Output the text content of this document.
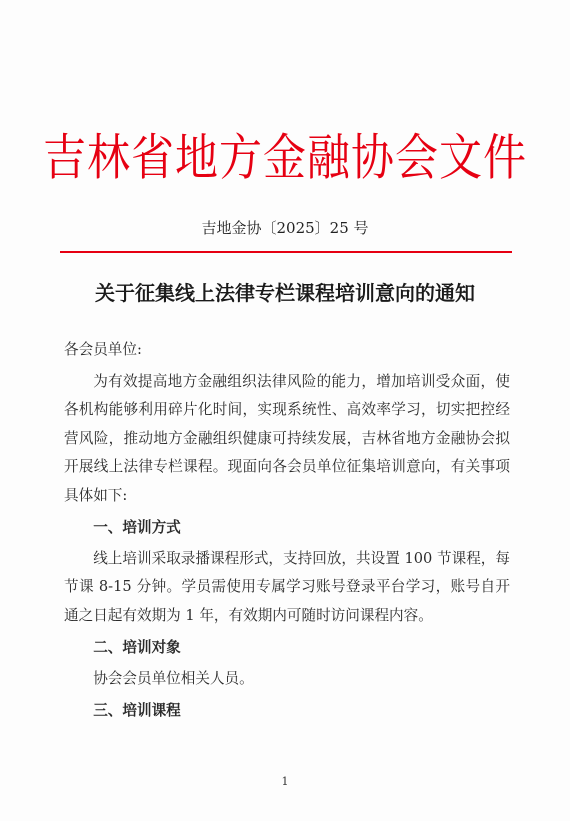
吉林省地方金融协会文件
吉地金协〔2025〕25 号
关于征集线上法律专栏课程培训意向的通知

各会员单位:

为有效提高地方金融组织法律风险的能力，增加培训受众面，使各机构能够利用碎片化时间，实现系统性、高效率学习，切实把控经营风险，推动地方金融组织健康可持续发展，吉林省地方金融协会拟开展线上法律专栏课程。现面向各会员单位征集培训意向，有关事项具体如下:

一、培训方式

线上培训采取录播课程形式，支持回放，共设置 100 节课程，每节课 8-15 分钟。学员需使用专属学习账号登录平台学习，账号自开通之日起有效期为 1 年，有效期内可随时访问课程内容。

二、培训对象

协会会员单位相关人员。

三、培训课程
1
